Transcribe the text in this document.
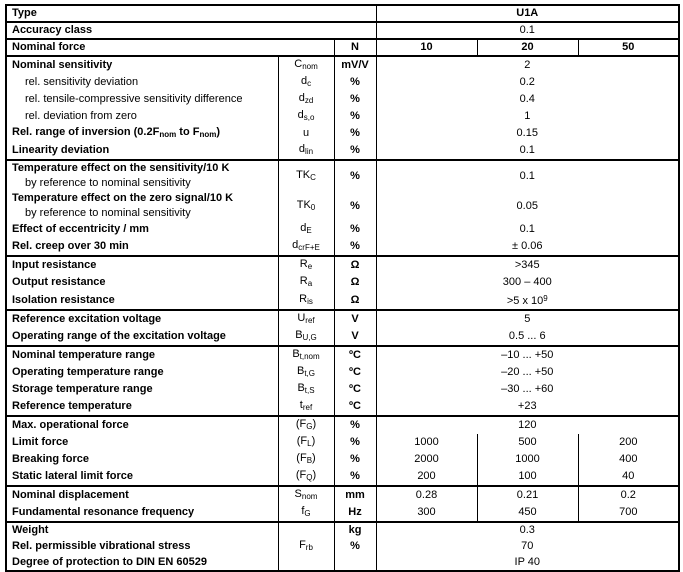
Type			U1A		

Accuracy class			0.1		

Nominal force		N	10	20	50

Nominal sensitivity	Cnom	mV/V	2		

rel. sensitivity deviation	dc	%	0.2		

rel. tensile-compressive sensitivity difference	dzd	%	0.4		

rel. deviation from zero	ds,o	%	1		

Rel. range of inversion (0.2Fnom to Fnom)	u	%	0.15		

Linearity deviation	dlin	%	0.1		

Temperature effect on the sensitivity/10 K
by reference to nominal sensitivity	TKC	%	0.1		

Temperature effect on the zero signal/10 K
by reference to nominal sensitivity	TK0	%	0.05		

Effect of eccentricity / mm	dE	%	0.1		

Rel. creep over 30 min	dcrF+E	%	± 0.06		

Input resistance	Re	Ω	>345		

Output resistance	Ra	Ω	300 – 400		

Isolation resistance	Ris	Ω	>5 x $10^9$

Reference excitation voltage	Uref	V	5		

Operating range of the excitation voltage	BU,G	V	0.5 ... 6		

Nominal temperature range	Bt,nom	ºC	–10 ... +50		

Operating temperature range	Bt,G	ºC	–20 ... +50		

Storage temperature range	Bt,S	ºC	–30 ... +60		

Reference temperature	tref	ºC	+23		

Max. operational force	(FG)	%	120		

Limit force	(FL)	%	1000	500	200

Breaking force	(FB)	%	2000	1000	400

Static lateral limit force	(FQ)	%	200	100	40

Nominal displacement	Snom	mm	0.28	0.21	0.2

Fundamental resonance frequency	fG	Hz	300	450	700

Weight		kg	0.3		

Rel. permissible vibrational stress	Frb	%	70		

Degree of protection to DIN EN 60529			IP 40		
